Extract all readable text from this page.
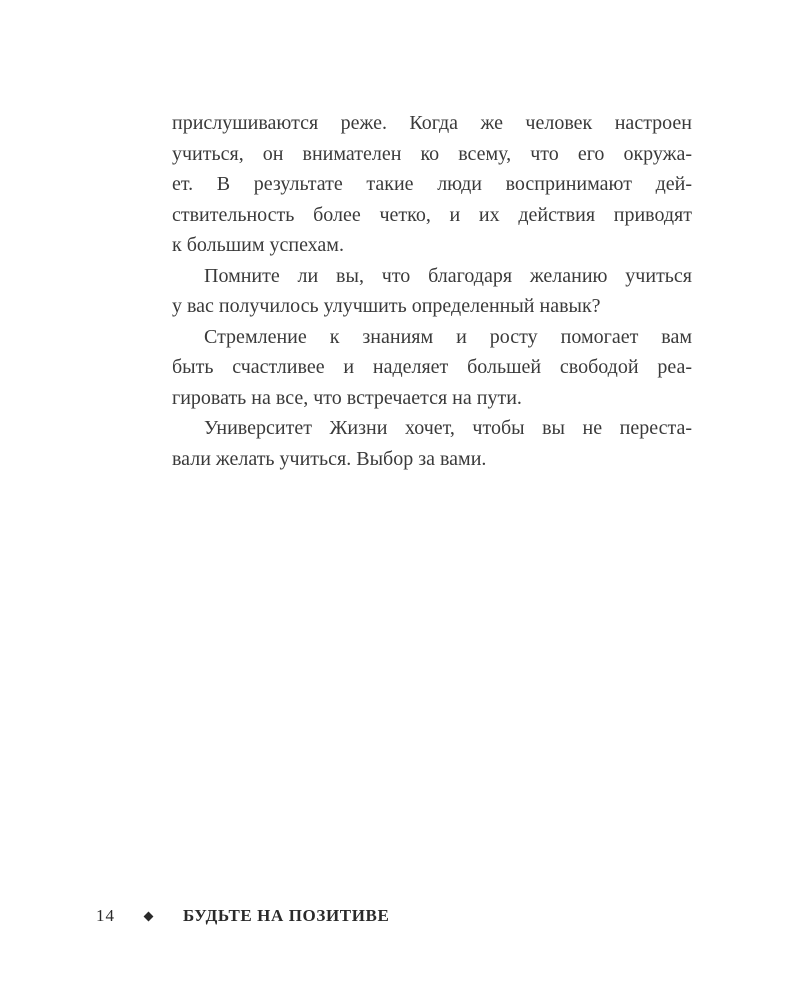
прислушиваются реже. Когда же человек настроен
учиться, он внимателен ко всему, что его окружа-
ет. В результате такие люди воспринимают дей-
ствительность более четко, и их действия приводят
к большим успехам.
Помните ли вы, что благодаря желанию учиться
у вас получилось улучшить определенный навык?
Стремление к знаниям и росту помогает вам
быть счастливее и наделяет большей свободой реа-
гировать на все, что встречается на пути.
Университет Жизни хочет, чтобы вы не переста-
вали желать учиться. Выбор за вами.
14	БУДЬТЕ НА ПОЗИТИВЕ
